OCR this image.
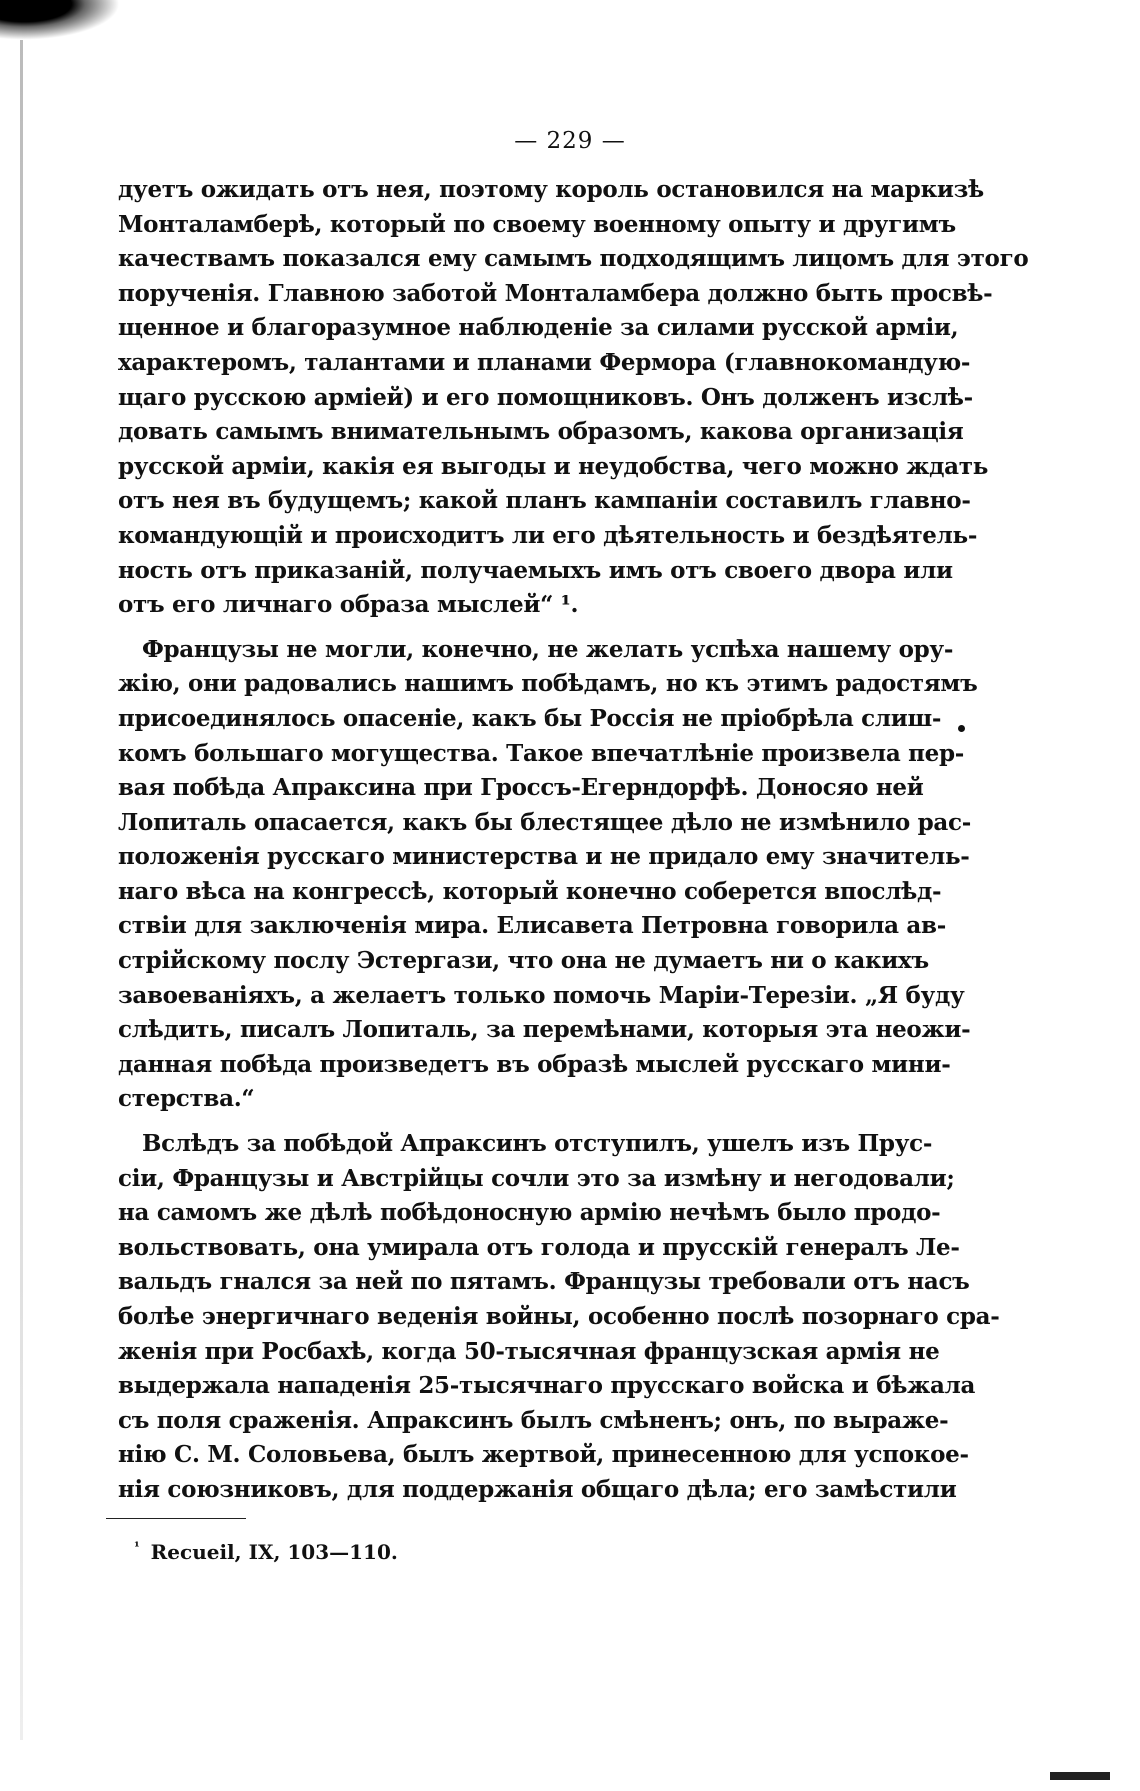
— 229 —
дуетъ ожидать отъ нея, поэтому король остановился на маркизѣ
Монталамберѣ, который по своему военному опыту и другимъ
качествамъ показался ему самымъ подходящимъ лицомъ для этого
порученія. Главною заботой Монталамбера должно быть просвѣ-
щенное и благоразумное наблюденіе за силами русской арміи,
характеромъ, талантами и планами Фермора (главнокомандую-
щаго русскою арміей) и его помощниковъ. Онъ долженъ изслѣ-
довать самымъ внимательнымъ образомъ, какова организація
русской арміи, какія ея выгоды и неудобства, чего можно ждать
отъ нея въ будущемъ; какой планъ кампаніи составилъ главно-
командующій и происходитъ ли его дѣятельность и бездѣятель-
ность отъ приказаній, получаемыхъ имъ отъ своего двора или
отъ его личнаго образа мыслей“ ¹.
Французы не могли, конечно, не желать успѣха нашему ору-
жію, они радовались нашимъ побѣдамъ, но къ этимъ радостямъ
присоединялось опасеніе, какъ бы Россія не пріобрѣла слиш-
комъ большаго могущества. Такое впечатлѣніе произвела пер-
вая побѣда Апраксина при Гроссъ-Егерндорфѣ. Доносяо ней
Лопиталь опасается, какъ бы блестящее дѣло не измѣнило рас-
положенія русскаго министерства и не придало ему значитель-
наго вѣса на конгрессѣ, который конечно соберется впослѣд-
ствіи для заключенія мира. Елисавета Петровна говорила ав-
стрійскому послу Эстергази, что она не думаетъ ни о какихъ
завоеваніяхъ, а желаетъ только помочь Маріи-Терезіи. „Я буду
слѣдить, писалъ Лопиталь, за перемѣнами, которыя эта неожи-
данная побѣда произведетъ въ образѣ мыслей русскаго мини-
стерства.“
Вслѣдъ за побѣдой Апраксинъ отступилъ, ушелъ изъ Прус-
сіи, Французы и Австрійцы сочли это за измѣну и негодовали;
на самомъ же дѣлѣ побѣдоносную армію нечѣмъ было продо-
вольствовать, она умирала отъ голода и прусскій генералъ Ле-
вальдъ гнался за ней по пятамъ. Французы требовали отъ насъ
болѣе энергичнаго веденія войны, особенно послѣ позорнаго сра-
женія при Росбахѣ, когда 50-тысячная французская армія не
выдержала нападенія 25-тысячнаго прусскаго войска и бѣжала
съ поля сраженія. Апраксинъ былъ смѣненъ; онъ, по выраже-
нію С. М. Соловьева, былъ жертвой, принесенною для успокое-
нія союзниковъ, для поддержанія общаго дѣла; его замѣстили
$^{^1}$ Recueil, IX, 103—110.
